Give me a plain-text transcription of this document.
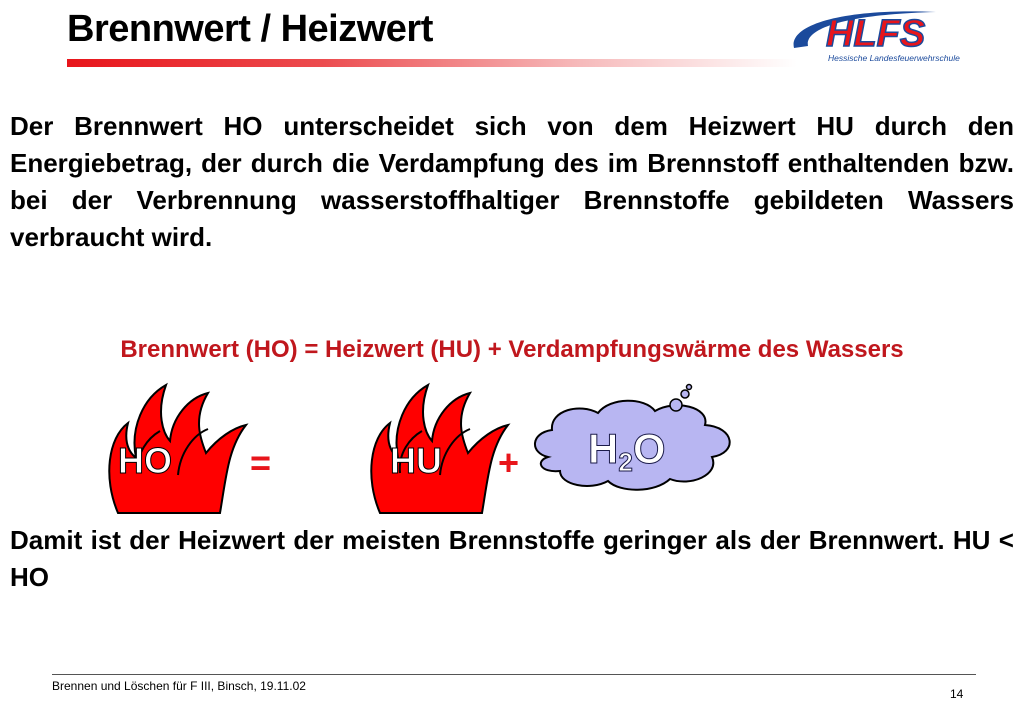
Brennwert / Heizwert	HLFS
Hessische Landesfeuerwehrschule

Der Brennwert HO unterscheidet sich von dem Heizwert HU durch den Energiebetrag, der durch die Verdampfung des im Brennstoff enthaltenden bzw. bei der Verbrennung wasserstoffhaltiger Brennstoffe gebildeten Wassers verbraucht wird.

Brennwert (HO) = Heizwert (HU) + Verdampfungswärme des Wassers

HO =	HU + H2O

Damit ist der Heizwert der meisten Brennstoffe geringer als der Brennwert. HU < HO

Brennen und Löschen für F III, Binsch, 19.11.02
14
